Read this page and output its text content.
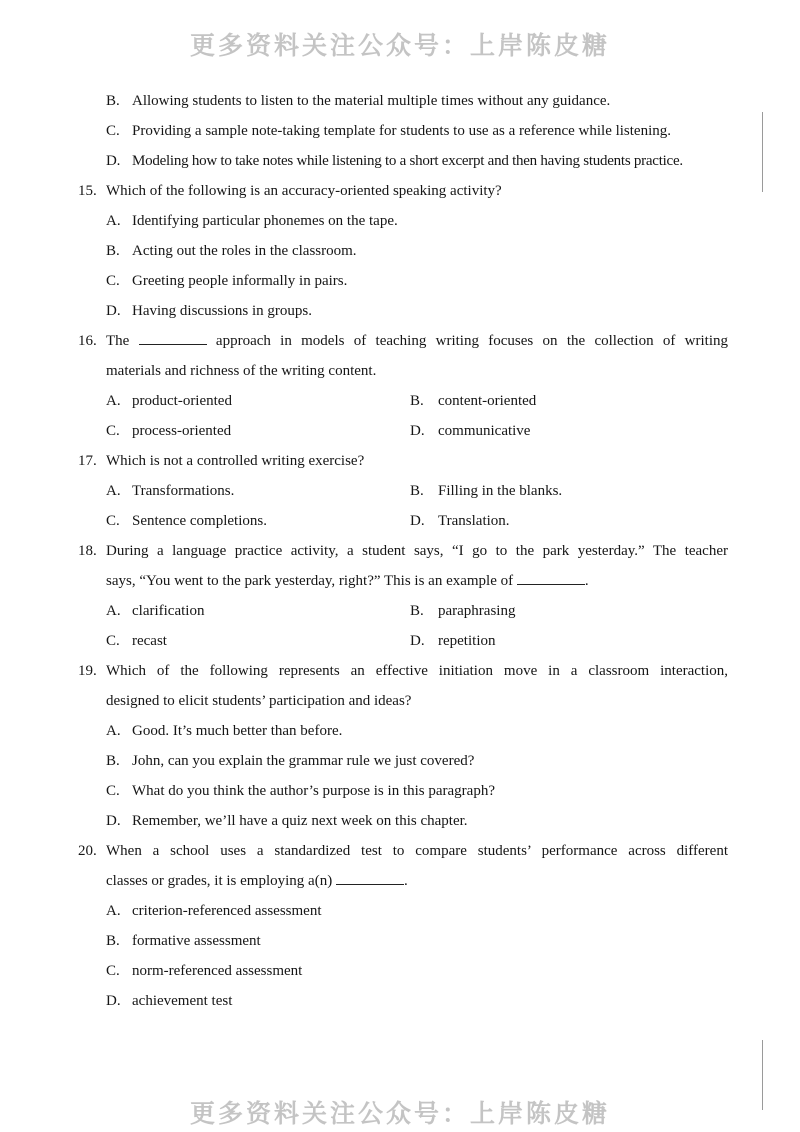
更多资料关注公众号：上岸陈皮糖
B. Allowing students to listen to the material multiple times without any guidance.
C. Providing a sample note-taking template for students to use as a reference while listening.
D. Modeling how to take notes while listening to a short excerpt and then having students practice.
15. Which of the following is an accuracy-oriented speaking activity?
A. Identifying particular phonemes on the tape.
B. Acting out the roles in the classroom.
C. Greeting people informally in pairs.
D. Having discussions in groups.
16. The	approach in models of teaching writing focuses on the collection of writing
materials and richness of the writing content.
A. product-oriented	B. content-oriented
C. process-oriented	D. communicative
17. Which is not a controlled writing exercise?
A. Transformations.	B. Filling in the blanks.
C. Sentence completions.	D. Translation.
18. During a language practice activity, a student says, “I go to the park yesterday.” The teacher
says, “You went to the park yesterday, right?” This is an example of	.
A. clarification	B. paraphrasing
C. recast	D. repetition
19. Which of the following represents an effective initiation move in a classroom interaction,
designed to elicit students’ participation and ideas?
A. Good. It’s much better than before.
B. John, can you explain the grammar rule we just covered?
C. What do you think the author’s purpose is in this paragraph?
D. Remember, we’ll have a quiz next week on this chapter.
20. When a school uses a standardized test to compare students’ performance across different
classes or grades, it is employing a(n)	.
A. criterion-referenced assessment
B. formative assessment
C. norm-referenced assessment
D. achievement test
更多资料关注公众号：上岸陈皮糖
